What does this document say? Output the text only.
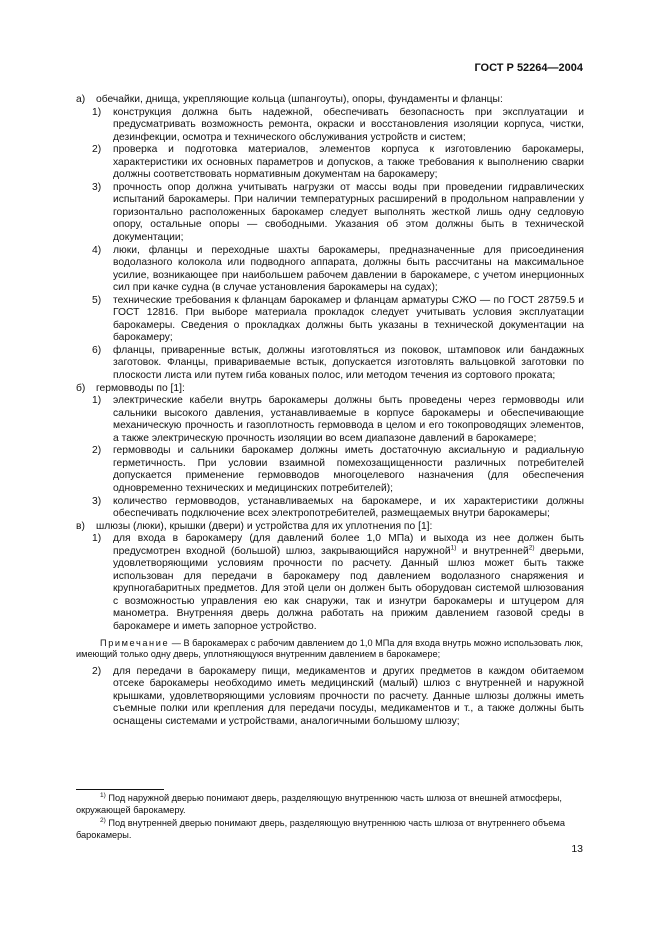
ГОСТ Р 52264—2004
а) обечайки, днища, укрепляющие кольца (шпангоуты), опоры, фундаменты и фланцы:
1) конструкция должна быть надежной, обеспечивать безопасность при эксплуатации и предусматривать возможность ремонта, окраски и восстановления изоляции корпуса, чистки, дезинфекции, осмотра и технического обслуживания устройств и систем;
2) проверка и подготовка материалов, элементов корпуса к изготовлению барокамеры, характеристики их основных параметров и допусков, а также требования к выполнению сварки должны соответствовать нормативным документам на барокамеру;
3) прочность опор должна учитывать нагрузки от массы воды при проведении гидравлических испытаний барокамеры. При наличии температурных расширений в продольном направлении у горизонтально расположенных барокамер следует выполнять жесткой лишь одну седловую опору, остальные опоры — свободными. Указания об этом должны быть в технической документации;
4) люки, фланцы и переходные шахты барокамеры, предназначенные для присоединения водолазного колокола или подводного аппарата, должны быть рассчитаны на максимальное усилие, возникающее при наибольшем рабочем давлении в барокамере, с учетом инерционных сил при качке судна (в случае установления барокамеры на судах);
5) технические требования к фланцам барокамер и фланцам арматуры СЖО — по ГОСТ 28759.5 и ГОСТ 12816. При выборе материала прокладок следует учитывать условия эксплуатации барокамеры. Сведения о прокладках должны быть указаны в технической документации на барокамеру;
6) фланцы, приваренные встык, должны изготовляться из поковок, штамповок или бандажных заготовок. Фланцы, привариваемые встык, допускается изготовлять вальцовкой заготовки по плоскости листа или путем гиба кованых полос, или методом течения из сортового проката;
б) гермовводы по [1]:
1) электрические кабели внутрь барокамеры должны быть проведены через гермовводы или сальники высокого давления, устанавливаемые в корпусе барокамеры и обеспечивающие механическую прочность и газоплотность гермоввода в целом и его токопроводящих элементов, а также электрическую прочность изоляции во всем диапазоне давлений в барокамере;
2) гермовводы и сальники барокамер должны иметь достаточную аксиальную и радиальную герметичность. При условии взаимной помехозащищенности различных потребителей допускается применение гермовводов многоцелевого назначения (для обеспечения одновременно технических и медицинских потребителей);
3) количество гермовводов, устанавливаемых на барокамере, и их характеристики должны обеспечивать подключение всех электропотребителей, размещаемых внутри барокамеры;
в) шлюзы (люки), крышки (двери) и устройства для их уплотнения по [1]:
1) для входа в барокамеру (для давлений более 1,0 МПа) и выхода из нее должен быть предусмотрен входной (большой) шлюз, закрывающийся наружной$^{1)}$ и внутренней$^{2)}$ дверьми, удовлетворяющими условиям прочности по расчету. Данный шлюз может быть также использован для передачи в барокамеру под давлением водолазного снаряжения и крупногабаритных предметов. Для этой цели он должен быть оборудован системой шлюзования с возможностью управления ею как снаружи, так и изнутри барокамеры и штуцером для манометра. Внутренняя дверь должна работать на прижим давлением газовой среды в барокамере и иметь запорное устройство.
Примечание — В барокамерах с рабочим давлением до 1,0 МПа для входа внутрь можно использовать люк, имеющий только одну дверь, уплотняющуюся внутренним давлением в барокамере;
2) для передачи в барокамеру пищи, медикаментов и других предметов в каждом обитаемом отсеке барокамеры необходимо иметь медицинский (малый) шлюз с внутренней и наружной крышками, удовлетворяющими условиям прочности по расчету. Данные шлюзы должны иметь съемные полки или крепления для передачи посуды, медикаментов и т., а также должны быть оснащены системами и устройствами, аналогичными большому шлюзу;
$^{1)}$ Под наружной дверью понимают дверь, разделяющую внутреннюю часть шлюза от внешней атмосферы, окружающей барокамеру.
$^{2)}$ Под внутренней дверью понимают дверь, разделяющую внутреннюю часть шлюза от внутреннего объема барокамеры.
13
